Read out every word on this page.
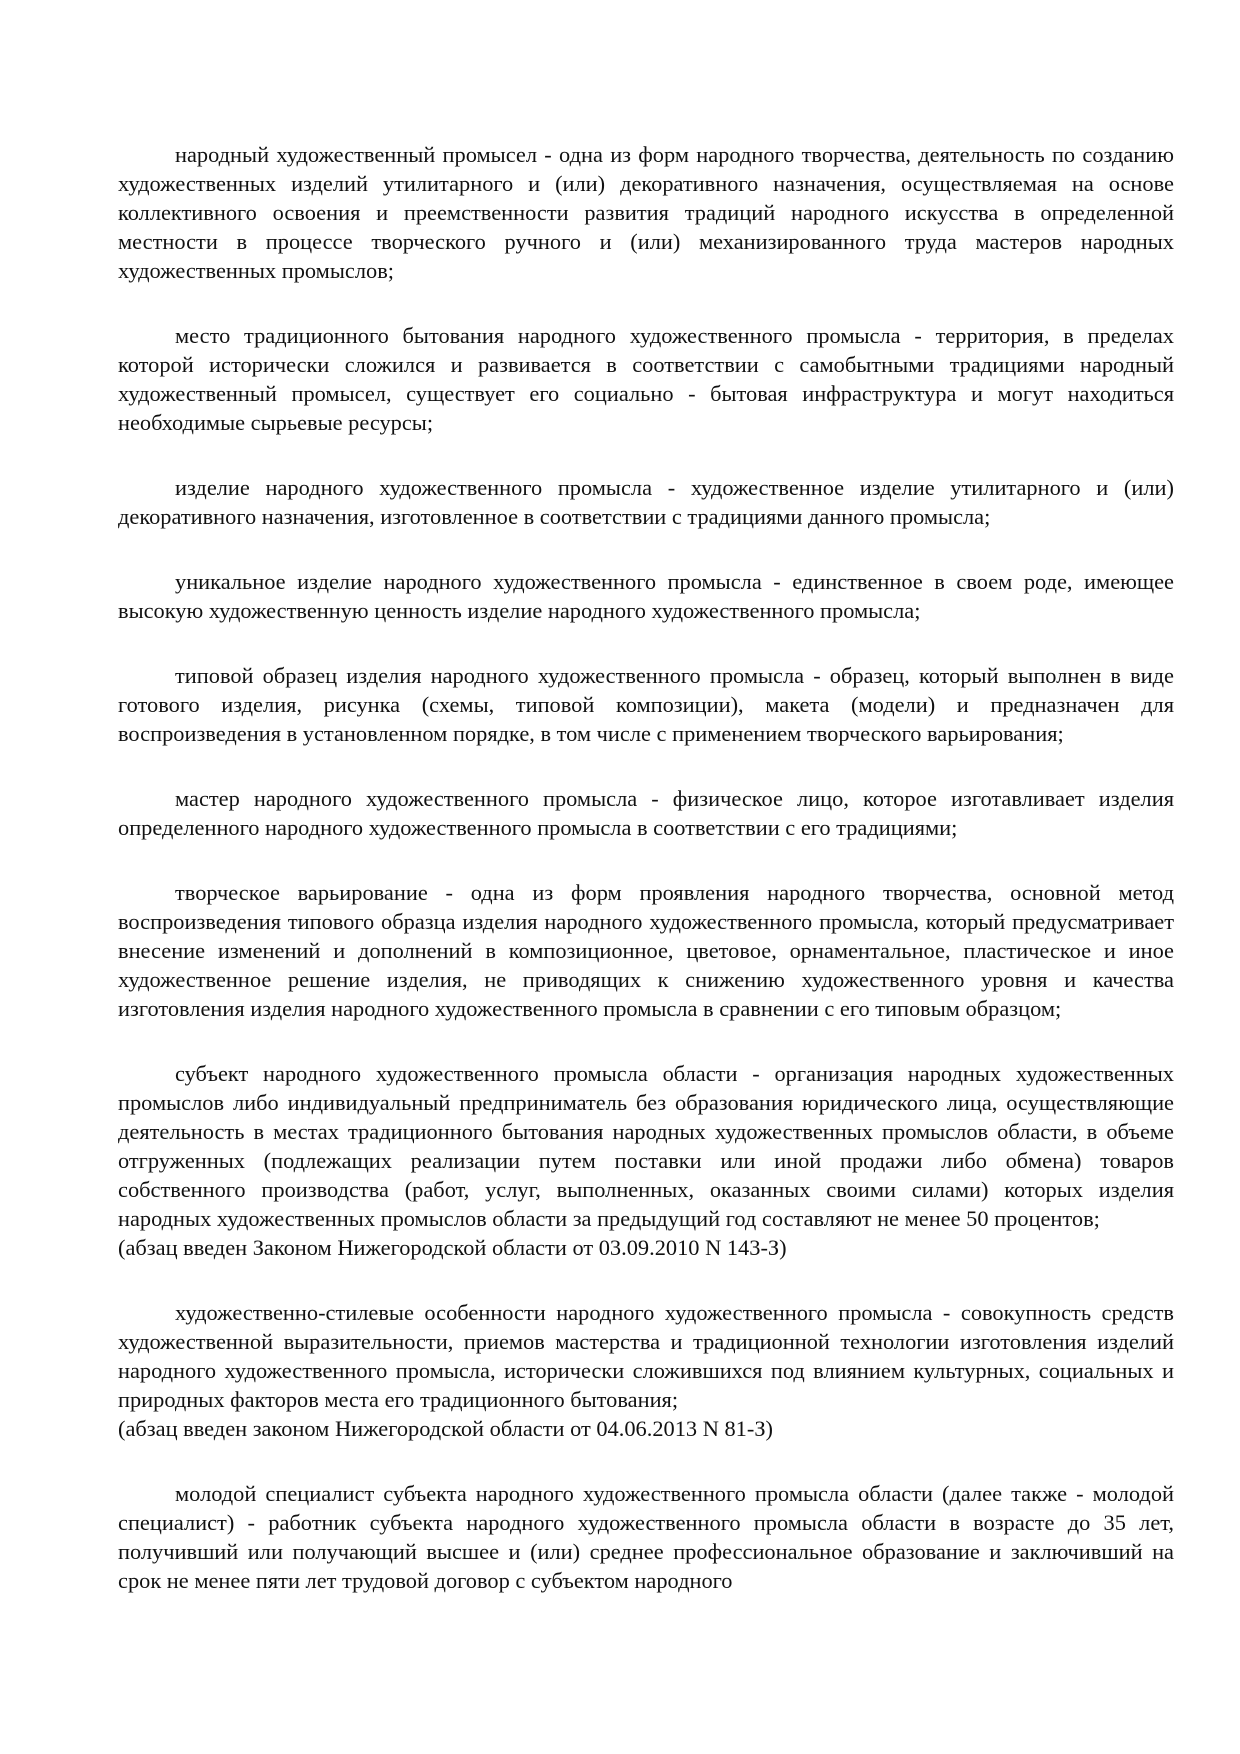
народный художественный промысел - одна из форм народного творчества, деятельность по созданию художественных изделий утилитарного и (или) декоративного назначения, осуществляемая на основе коллективного освоения и преемственности развития традиций народного искусства в определенной местности в процессе творческого ручного и (или) механизированного труда мастеров народных художественных промыслов;

место традиционного бытования народного художественного промысла - территория, в пределах которой исторически сложился и развивается в соответствии с самобытными традициями народный художественный промысел, существует его социально - бытовая инфраструктура и могут находиться необходимые сырьевые ресурсы;

изделие народного художественного промысла - художественное изделие утилитарного и (или) декоративного назначения, изготовленное в соответствии с традициями данного промысла;

уникальное изделие народного художественного промысла - единственное в своем роде, имеющее высокую художественную ценность изделие народного художественного промысла;

типовой образец изделия народного художественного промысла - образец, который выполнен в виде готового изделия, рисунка (схемы, типовой композиции), макета (модели) и предназначен для воспроизведения в установленном порядке, в том числе с применением творческого варьирования;

мастер народного художественного промысла - физическое лицо, которое изготавливает изделия определенного народного художественного промысла в соответствии с его традициями;

творческое варьирование - одна из форм проявления народного творчества, основной метод воспроизведения типового образца изделия народного художественного промысла, который предусматривает внесение изменений и дополнений в композиционное, цветовое, орнаментальное, пластическое и иное художественное решение изделия, не приводящих к снижению художественного уровня и качества изготовления изделия народного художественного промысла в сравнении с его типовым образцом;

субъект народного художественного промысла области - организация народных художественных промыслов либо индивидуальный предприниматель без образования юридического лица, осуществляющие деятельность в местах традиционного бытования народных художественных промыслов области, в объеме отгруженных (подлежащих реализации путем поставки или иной продажи либо обмена) товаров собственного производства (работ, услуг, выполненных, оказанных своими силами) которых изделия народных художественных промыслов области за предыдущий год составляют не менее 50 процентов;
(абзац введен Законом Нижегородской области от 03.09.2010 N 143-З)

художественно-стилевые особенности народного художественного промысла - совокупность средств художественной выразительности, приемов мастерства и традиционной технологии изготовления изделий народного художественного промысла, исторически сложившихся под влиянием культурных, социальных и природных факторов места его традиционного бытования;
(абзац введен законом Нижегородской области от 04.06.2013 N 81-З)

молодой специалист субъекта народного художественного промысла области (далее также - молодой специалист) - работник субъекта народного художественного промысла области в возрасте до 35 лет, получивший или получающий высшее и (или) среднее профессиональное образование и заключивший на срок не менее пяти лет трудовой договор с субъектом народного
